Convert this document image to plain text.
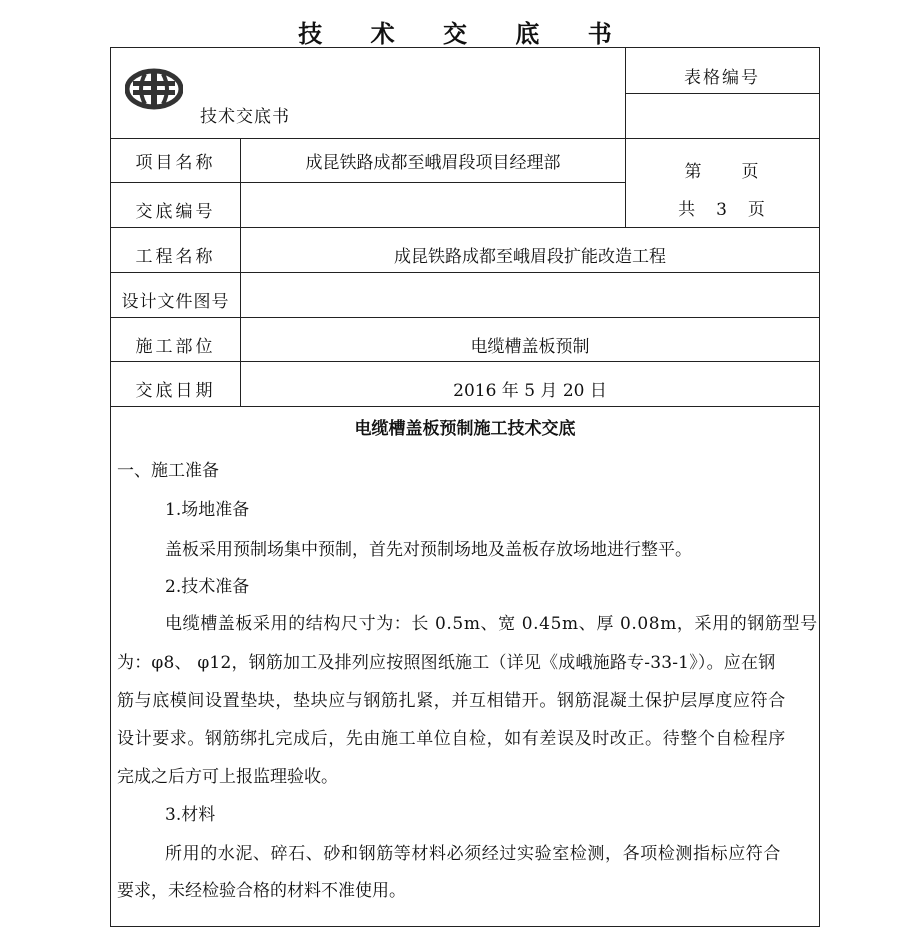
技 术 交 底 书
技术交底书
表格编号
项目名称	成昆铁路成都至峨眉段项目经理部
交底编号
第　　页
共　3　页
工程名称	成昆铁路成都至峨眉段扩能改造工程
设计文件图号
施工部位	电缆槽盖板预制
交底日期	2016 年 5 月 20 日
电缆槽盖板预制施工技术交底
一、施工准备
1.场地准备
盖板采用预制场集中预制，首先对预制场地及盖板存放场地进行整平。
2.技术准备
电缆槽盖板采用的结构尺寸为：长 0.5m、宽 0.45m、厚 0.08m，采用的钢筋型号
为：φ8、 φ12，钢筋加工及排列应按照图纸施工（详见《成峨施路专-33-1》）。应在钢
筋与底模间设置垫块，垫块应与钢筋扎紧，并互相错开。钢筋混凝土保护层厚度应符合
设计要求。钢筋绑扎完成后，先由施工单位自检，如有差误及时改正。待整个自检程序
完成之后方可上报监理验收。
3.材料
所用的水泥、碎石、砂和钢筋等材料必须经过实验室检测，各项检测指标应符合
要求，未经检验合格的材料不准使用。
